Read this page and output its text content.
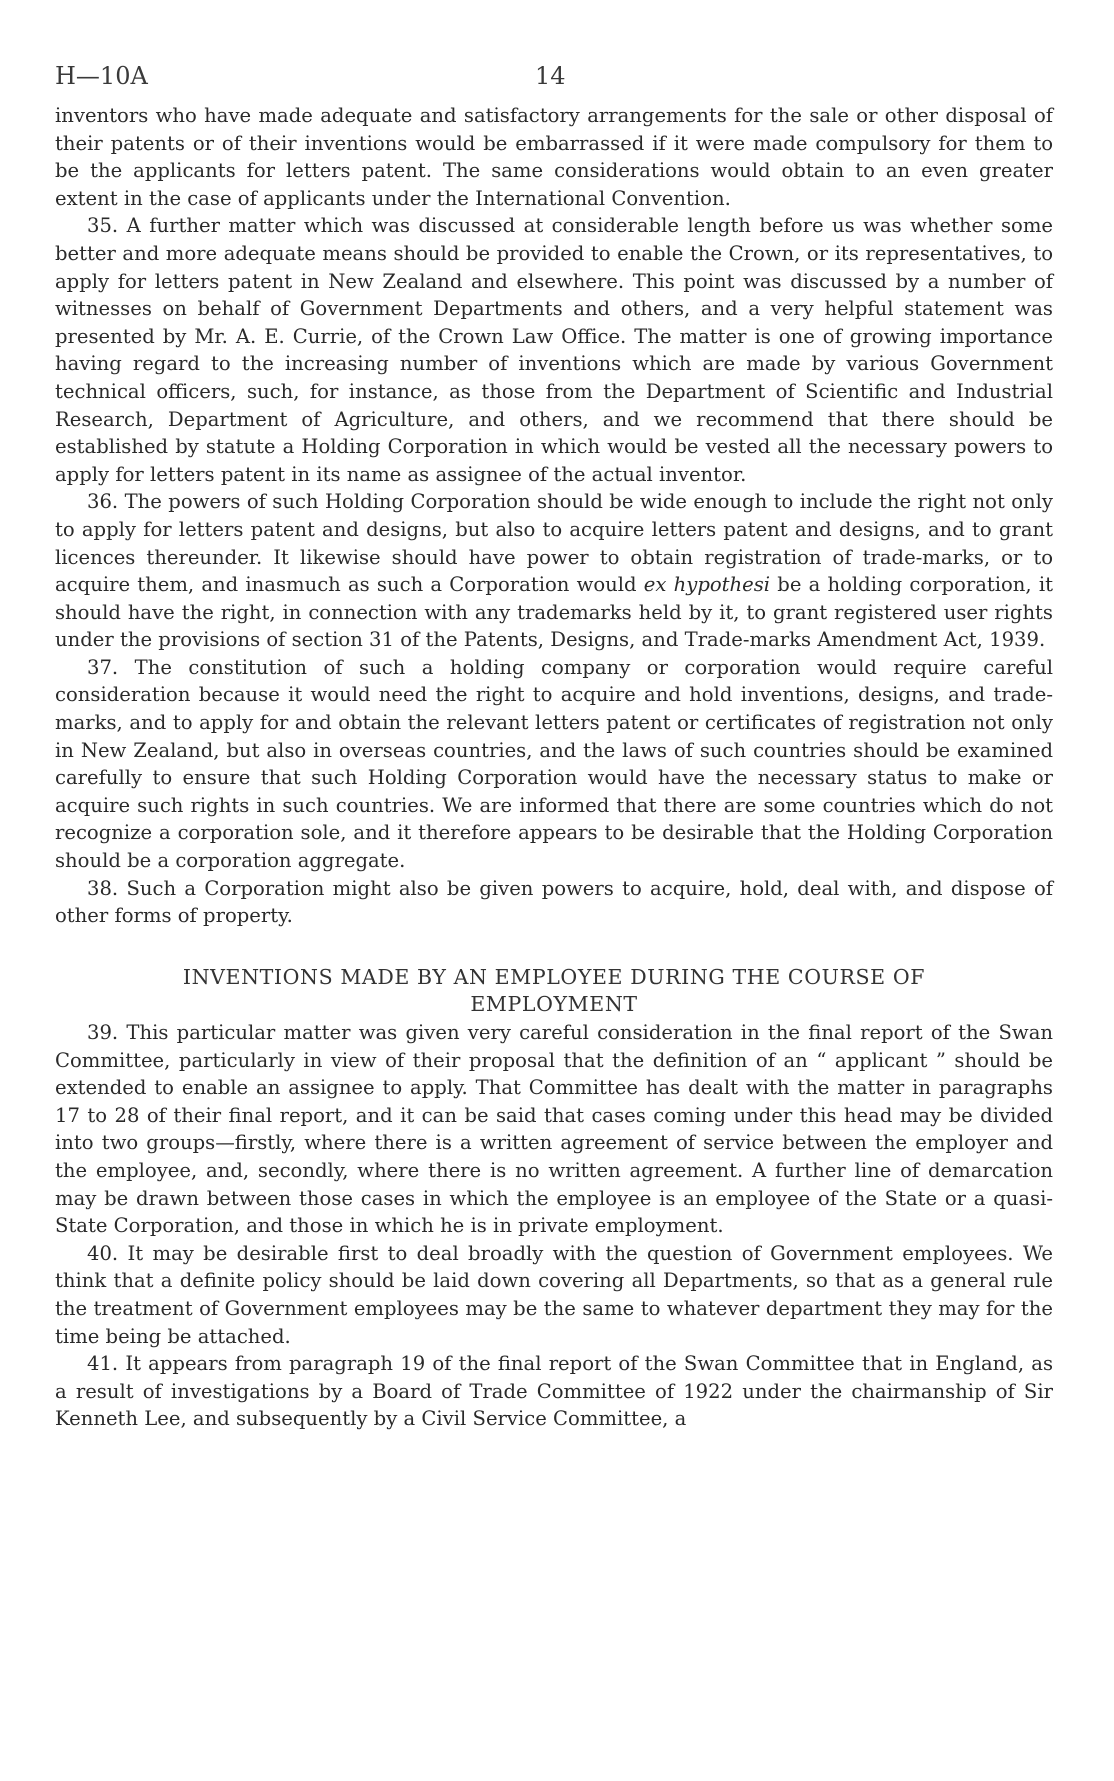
H—10A	14

inventors who have made adequate and satisfactory arrangements for the sale or other disposal of their patents or of their inventions would be embarrassed if it were made compulsory for them to be the applicants for letters patent. The same considerations would obtain to an even greater extent in the case of applicants under the International Convention.

35. A further matter which was discussed at considerable length before us was whether some better and more adequate means should be provided to enable the Crown, or its representatives, to apply for letters patent in New Zealand and elsewhere. This point was discussed by a number of witnesses on behalf of Government Departments and others, and a very helpful statement was presented by Mr. A. E. Currie, of the Crown Law Office. The matter is one of growing importance having regard to the increasing number of inventions which are made by various Government technical officers, such, for instance, as those from the Department of Scientific and Industrial Research, Department of Agriculture, and others, and we recommend that there should be established by statute a Holding Corporation in which would be vested all the necessary powers to apply for letters patent in its name as assignee of the actual inventor.

36. The powers of such Holding Corporation should be wide enough to include the right not only to apply for letters patent and designs, but also to acquire letters patent and designs, and to grant licences thereunder. It likewise should have power to obtain registration of trade-marks, or to acquire them, and inasmuch as such a Corporation would ex hypothesi be a holding corporation, it should have the right, in connection with any trademarks held by it, to grant registered user rights under the provisions of section 31 of the Patents, Designs, and Trade-marks Amendment Act, 1939.

37. The constitution of such a holding company or corporation would require careful consideration because it would need the right to acquire and hold inventions, designs, and trade-marks, and to apply for and obtain the relevant letters patent or certificates of registration not only in New Zealand, but also in overseas countries, and the laws of such countries should be examined carefully to ensure that such Holding Corporation would have the necessary status to make or acquire such rights in such countries. We are informed that there are some countries which do not recognize a corporation sole, and it therefore appears to be desirable that the Holding Corporation should be a corporation aggregate.

38. Such a Corporation might also be given powers to acquire, hold, deal with, and dispose of other forms of property.

INVENTIONS MADE BY AN EMPLOYEE DURING THE COURSE OF
EMPLOYMENT

39. This particular matter was given very careful consideration in the final report of the Swan Committee, particularly in view of their proposal that the definition of an “ applicant ” should be extended to enable an assignee to apply. That Committee has dealt with the matter in paragraphs 17 to 28 of their final report, and it can be said that cases coming under this head may be divided into two groups—firstly, where there is a written agreement of service between the employer and the employee, and, secondly, where there is no written agreement. A further line of demarcation may be drawn between those cases in which the employee is an employee of the State or a quasi-State Corporation, and those in which he is in private employment.

40. It may be desirable first to deal broadly with the question of Government employees. We think that a definite policy should be laid down covering all Departments, so that as a general rule the treatment of Government employees may be the same to whatever department they may for the time being be attached.

41. It appears from paragraph 19 of the final report of the Swan Committee that in England, as a result of investigations by a Board of Trade Committee of 1922 under the chairmanship of Sir Kenneth Lee, and subsequently by a Civil Service Committee, a
